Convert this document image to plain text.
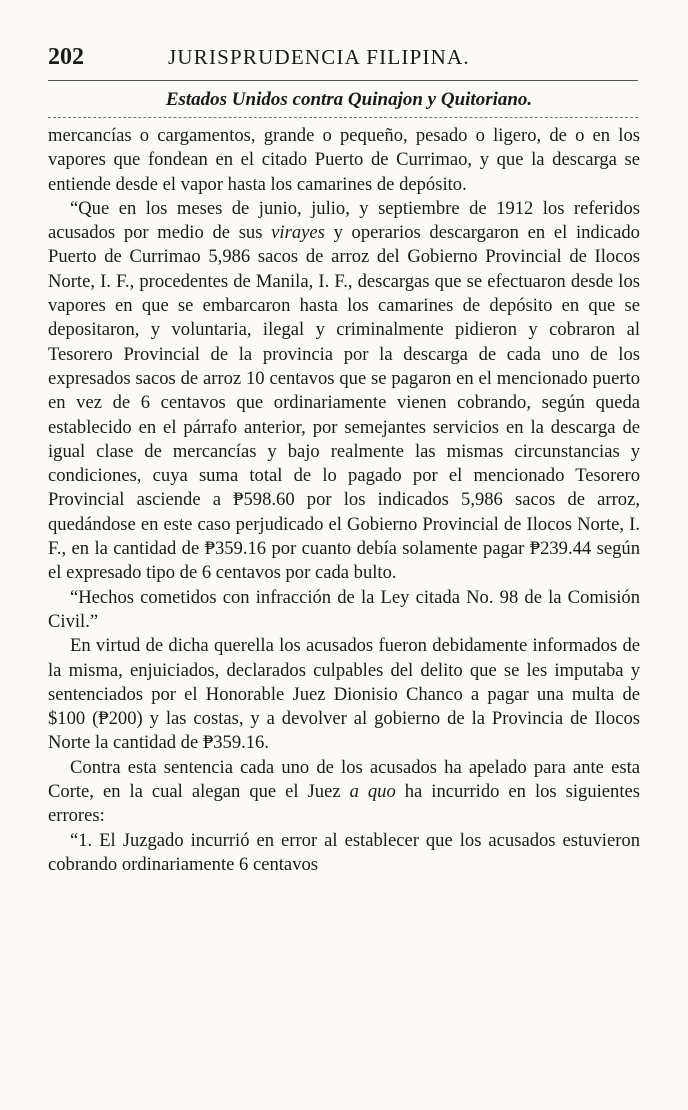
202	JURISPRUDENCIA FILIPINA.
Estados Unidos contra Quinajon y Quitoriano.

mercancías o cargamentos, grande o pequeño, pesado o ligero, de o en los vapores que fondean en el citado Puerto de Currimao, y que la descarga se entiende desde el vapor hasta los camarines de depósito.

“Que en los meses de junio, julio, y septiembre de 1912 los referidos acusados por medio de sus virayes y operarios descargaron en el indicado Puerto de Currimao 5,986 sacos de arroz del Gobierno Provincial de Ilocos Norte, I. F., procedentes de Manila, I. F., descargas que se efectuaron desde los vapores en que se embarcaron hasta los camarines de depósito en que se depositaron, y voluntaria, ilegal y criminalmente pidieron y cobraron al Tesorero Provincial de la provincia por la descarga de cada uno de los expresados sacos de arroz 10 centavos que se pagaron en el mencionado puerto en vez de 6 centavos que ordinariamente vienen cobrando, según queda establecido en el párrafo anterior, por semejantes servicios en la descarga de igual clase de mercancías y bajo realmente las mismas circunstancias y condiciones, cuya suma total de lo pagado por el mencionado Tesorero Provincial asciende a ₱598.60 por los indicados 5,986 sacos de arroz, quedándose en este caso perjudicado el Gobierno Provincial de Ilocos Norte, I. F., en la cantidad de ₱359.16 por cuanto debía solamente pagar ₱239.44 según el expresado tipo de 6 centavos por cada bulto.

“Hechos cometidos con infracción de la Ley citada No. 98 de la Comisión Civil.”

En virtud de dicha querella los acusados fueron debidamente informados de la misma, enjuiciados, declarados culpables del delito que se les imputaba y sentenciados por el Honorable Juez Dionisio Chanco a pagar una multa de $100 (₱200) y las costas, y a devolver al gobierno de la Provincia de Ilocos Norte la cantidad de ₱359.16.

Contra esta sentencia cada uno de los acusados ha apelado para ante esta Corte, en la cual alegan que el Juez a quo ha incurrido en los siguientes errores:

“1. El Juzgado incurrió en error al establecer que los acusados estuvieron cobrando ordinariamente 6 centavos
